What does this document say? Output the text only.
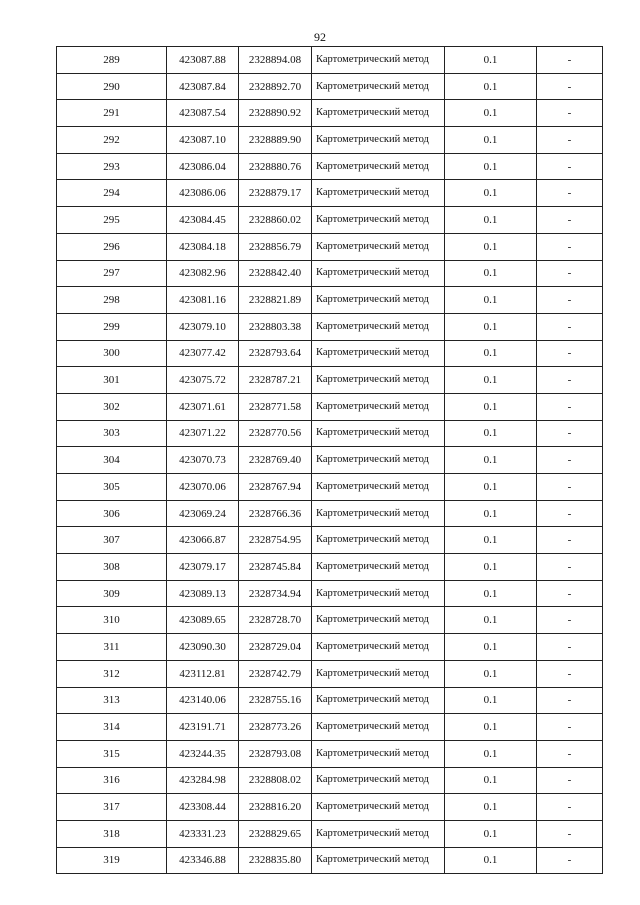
92
289	423087.88	2328894.08	Картометрический метод	0.1	-
290	423087.84	2328892.70	Картометрический метод	0.1	-
291	423087.54	2328890.92	Картометрический метод	0.1	-
292	423087.10	2328889.90	Картометрический метод	0.1	-
293	423086.04	2328880.76	Картометрический метод	0.1	-
294	423086.06	2328879.17	Картометрический метод	0.1	-
295	423084.45	2328860.02	Картометрический метод	0.1	-
296	423084.18	2328856.79	Картометрический метод	0.1	-
297	423082.96	2328842.40	Картометрический метод	0.1	-
298	423081.16	2328821.89	Картометрический метод	0.1	-
299	423079.10	2328803.38	Картометрический метод	0.1	-
300	423077.42	2328793.64	Картометрический метод	0.1	-
301	423075.72	2328787.21	Картометрический метод	0.1	-
302	423071.61	2328771.58	Картометрический метод	0.1	-
303	423071.22	2328770.56	Картометрический метод	0.1	-
304	423070.73	2328769.40	Картометрический метод	0.1	-
305	423070.06	2328767.94	Картометрический метод	0.1	-
306	423069.24	2328766.36	Картометрический метод	0.1	-
307	423066.87	2328754.95	Картометрический метод	0.1	-
308	423079.17	2328745.84	Картометрический метод	0.1	-
309	423089.13	2328734.94	Картометрический метод	0.1	-
310	423089.65	2328728.70	Картометрический метод	0.1	-
311	423090.30	2328729.04	Картометрический метод	0.1	-
312	423112.81	2328742.79	Картометрический метод	0.1	-
313	423140.06	2328755.16	Картометрический метод	0.1	-
314	423191.71	2328773.26	Картометрический метод	0.1	-
315	423244.35	2328793.08	Картометрический метод	0.1	-
316	423284.98	2328808.02	Картометрический метод	0.1	-
317	423308.44	2328816.20	Картометрический метод	0.1	-
318	423331.23	2328829.65	Картометрический метод	0.1	-
319	423346.88	2328835.80	Картометрический метод	0.1	-
